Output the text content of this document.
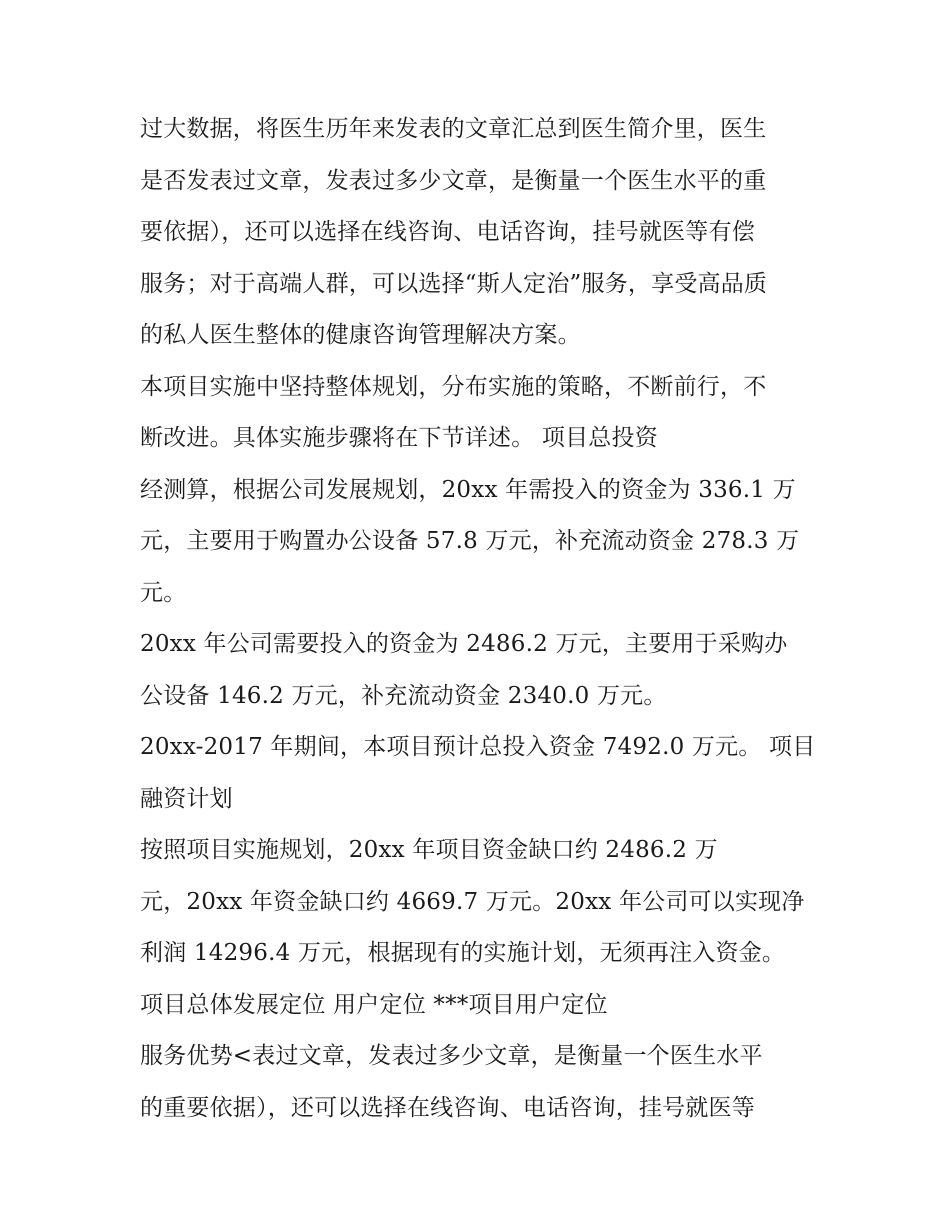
过大数据，将医生历年来发表的文章汇总到医生简介里，医生
是否发表过文章，发表过多少文章，是衡量一个医生水平的重
要依据），还可以选择在线咨询、电话咨询，挂号就医等有偿
服务；对于高端人群，可以选择“斯人定治”服务，享受高品质
的私人医生整体的健康咨询管理解决方案。
本项目实施中坚持整体规划，分布实施的策略，不断前行，不
断改进。具体实施步骤将在下节详述。 项目总投资
经测算，根据公司发展规划，20xx 年需投入的资金为 336.1 万
元，主要用于购置办公设备 57.8 万元，补充流动资金 278.3 万
元。
20xx 年公司需要投入的资金为 2486.2 万元，主要用于采购办
公设备 146.2 万元，补充流动资金 2340.0 万元。
20xx-2017 年期间，本项目预计总投入资金 7492.0 万元。 项目
融资计划
按照项目实施规划，20xx 年项目资金缺口约 2486.2 万
元，20xx 年资金缺口约 4669.7 万元。20xx 年公司可以实现净
利润 14296.4 万元，根据现有的实施计划，无须再注入资金。
项目总体发展定位 用户定位 ***项目用户定位
服务优势<表过文章，发表过多少文章，是衡量一个医生水平
的重要依据），还可以选择在线咨询、电话咨询，挂号就医等
